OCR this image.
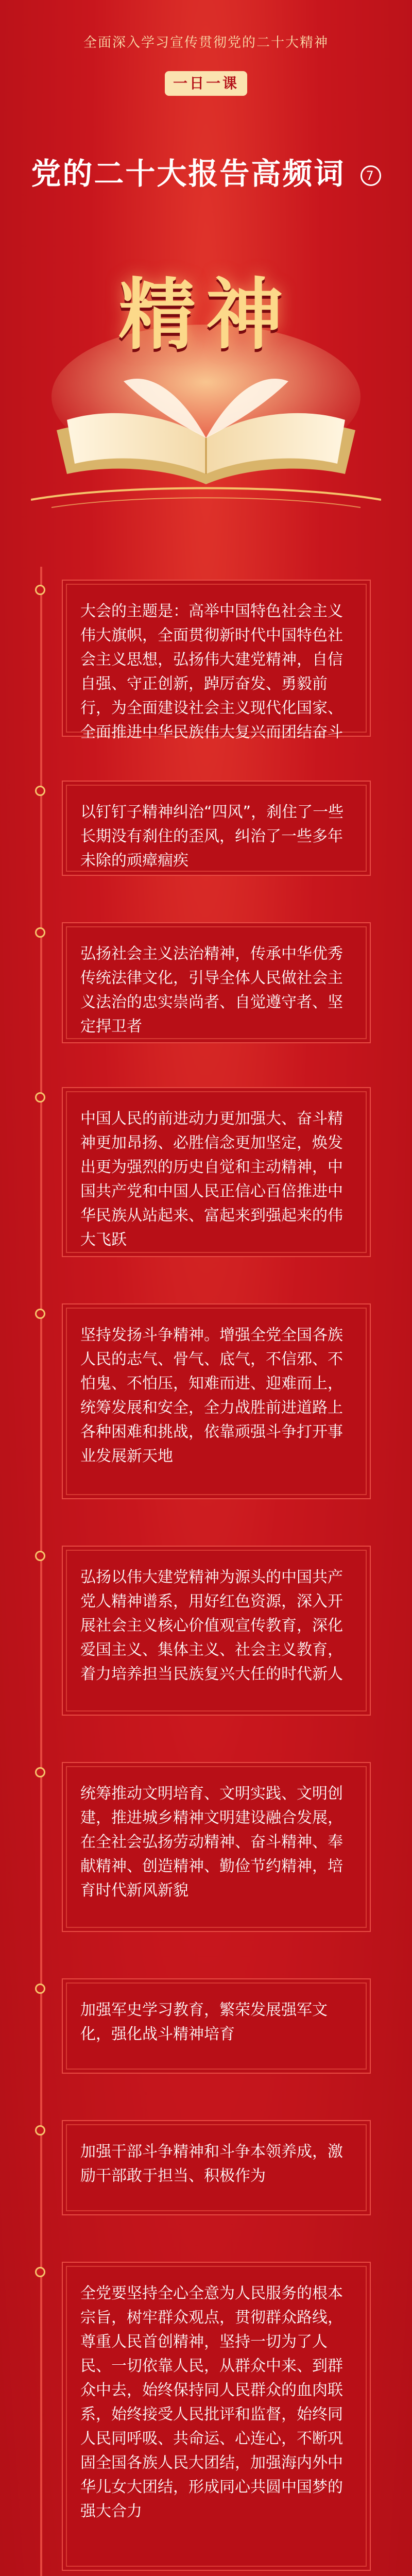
全面深入学习宣传贯彻党的二十大精神
一日一课
党的二十大报告高频词 7
精神
大会的主题是：高举中国特色社会主义伟大旗帜，全面贯彻新时代中国特色社会主义思想，弘扬伟大建党精神，自信自强、守正创新，踔厉奋发、勇毅前行，为全面建设社会主义现代化国家、全面推进中华民族伟大复兴而团结奋斗
以钉钉子精神纠治“四风”，刹住了一些长期没有刹住的歪风，纠治了一些多年未除的顽瘴痼疾
弘扬社会主义法治精神，传承中华优秀传统法律文化，引导全体人民做社会主义法治的忠实崇尚者、自觉遵守者、坚定捍卫者
中国人民的前进动力更加强大、奋斗精神更加昂扬、必胜信念更加坚定，焕发出更为强烈的历史自觉和主动精神，中国共产党和中国人民正信心百倍推进中华民族从站起来、富起来到强起来的伟大飞跃
坚持发扬斗争精神。增强全党全国各族人民的志气、骨气、底气，不信邪、不怕鬼、不怕压，知难而进、迎难而上，统筹发展和安全，全力战胜前进道路上各种困难和挑战，依靠顽强斗争打开事业发展新天地
弘扬以伟大建党精神为源头的中国共产党人精神谱系，用好红色资源，深入开展社会主义核心价值观宣传教育，深化爱国主义、集体主义、社会主义教育，着力培养担当民族复兴大任的时代新人
统筹推动文明培育、文明实践、文明创建，推进城乡精神文明建设融合发展，在全社会弘扬劳动精神、奋斗精神、奉献精神、创造精神、勤俭节约精神，培育时代新风新貌
加强军史学习教育，繁荣发展强军文化，强化战斗精神培育
加强干部斗争精神和斗争本领养成，激励干部敢于担当、积极作为
全党要坚持全心全意为人民服务的根本宗旨，树牢群众观点，贯彻群众路线，尊重人民首创精神，坚持一切为了人民、一切依靠人民，从群众中来、到群众中去，始终保持同人民群众的血肉联系，始终接受人民批评和监督，始终同人民同呼吸、共命运、心连心，不断巩固全国各族人民大团结，加强海内外中华儿女大团结，形成同心共圆中国梦的强大合力
